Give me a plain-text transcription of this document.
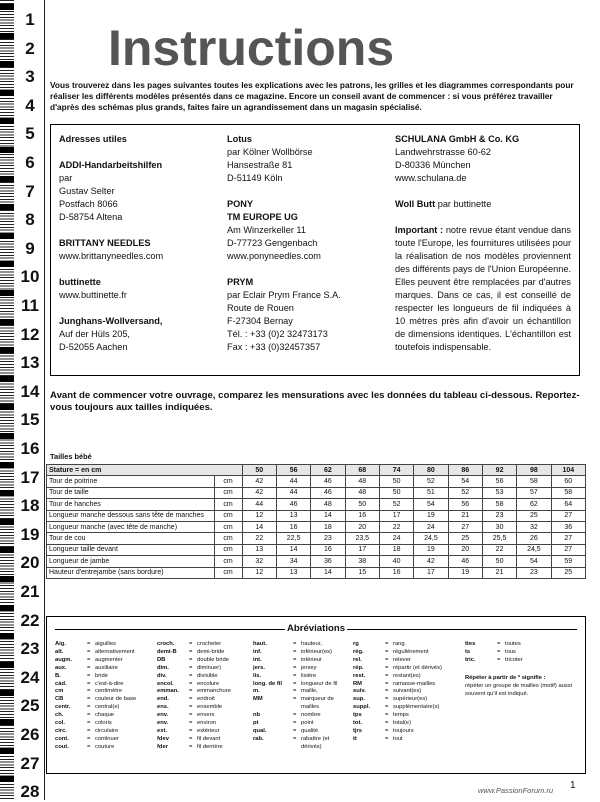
1
2
3
4
5
6
7
8
9
10
11
12
13
14
15
16
17
18
19
20
21
22
23
24
25
26
27
28
Instructions
Vous trouverez dans les pages suivantes toutes les explications avec les patrons, les grilles et les diagrammes correspondants pour réaliser les différents modèles présentés dans ce magazine. Encore un conseil avant de commencer : si vous préférez travailler d'après des schémas plus grands, faites faire un agrandissement dans un magasin spécialisé.
Adresses utiles
ADDI-Handarbeitshilfen
par
Gustav Selter
Postfach 8066
D-58754 Altena
BRITTANY NEEDLES
www.brittanyneedles.com
buttinette
www.buttinette.fr
Junghans-Wollversand,
Auf der Hüls 205,
D-52055 Aachen
Lotus
par Kölner Wollbörse
Hansestraße 81
D-51149 Köln
PONY
TM EUROPE UG
Am Winzerkeller 11
D-77723 Gengenbach
www.ponyneedles.com
PRYM
par Eclair Prym France S.A.
Route de Rouen
F-27304 Bernay
Tél. : +33 (0)2 32473173
Fax : +33 (0)32457357
SCHULANA GmbH & Co. KG
Landwehrstrasse 60-62
D-80336 München
www.schulana.de
Woll Butt par buttinette
Important : notre revue étant vendue dans toute l'Europe, les fournitures utilisées pour la réalisation de nos modèles proviennent des différents pays de l'Union Européenne. Elles peuvent être remplacées par d'autres marques. Dans ce cas, il est conseillé de respecter les longueurs de fil indiquées à 10 mètres près afin d'avoir un échantillon de dimensions identiques. L'échantillon est toutefois indispensable.
Avant de commencer votre ouvrage, comparez les mensurations avec les données du tableau ci-dessous. Reportez-vous toujours aux tailles indiquées.
Tailles bébé
Stature = en cm		50	56	62	68	74	80	86	92	98	104
Tour de poitrine	cm	42	44	46	48	50	52	54	56	58	60
Tour de taille	cm	42	44	46	48	50	51	52	53	57	58
Tour de hanches	cm	44	46	48	50	52	54	56	58	62	64
Longueur manche dessous sans tête de manches	cm	12	13	14	16	17	19	21	23	25	27
Longueur manche (avec tête de manche)	cm	14	16	18	20	22	24	27	30	32	36
Tour de cou	cm	22	22,5	23	23,5	24	24,5	25	25,5	26	27
Longueur taille devant	cm	13	14	16	17	18	19	20	22	24,5	27
Longueur de jambe	cm	32	34	36	38	40	42	46	50	54	59
Hauteur d'entrejambe (sans bordure)	cm	12	13	14	15	16	17	19	21	23	25
Abréviations
Aig.	= aiguilles
alt.	= alternativement
augm.	= augmenter
aux.	= auxiliaire
B.	= bride
càd.	= c'est-à-dire
cm	= centimètre
CB	= couleur de base
centr.	= central(e)
ch.	= chaque
col.	= coloris
circ.	= circulaire
cont.	= continuer
cout.	= couture
croch.	= crocheter
demi-B	= demi-bride
DB	= double bride
dim.	= diminuer)
div.	= divisible
encol.	= encolure
emman.	= emmanchure
end.	= endroit
ens.	= ensemble
env.	= envers
env.	= environ
ext.	= extérieur
fdev	= fil devant
fder	= fil derrière
haut.	= hauteur,
inf.	= inférieur(es)
int.	= intérieur
jers.	= jersey
lis.	= lisière
long. de fil	= longueur de fil
m.	= maille,
MM	= marqueur de
mailles
nb	= nombre
pt	= point
qual.	= qualité
rab.	= rabattre (et
dérivés)
rg	= rang
rég.	= régulièrement
rel.	= relever
rép.	= répartir (et dérivés)
rest.	= restant(es)
RM	= ramasse-mailles
suiv.	= suivant(es)
sup.	= supérieur(es)
suppl.	= supplémentaire(s)
tps	= temps
tot.	= total(e)
tjrs	= toujours
tt	= tout
ttes	= toutes
ts	= tous
tric.	= tricoter
Répéter à partir de * signifie :
répéter un groupe de mailles (motif) aussi souvent qu'il est indiqué.
1
www.PassionForum.ru
